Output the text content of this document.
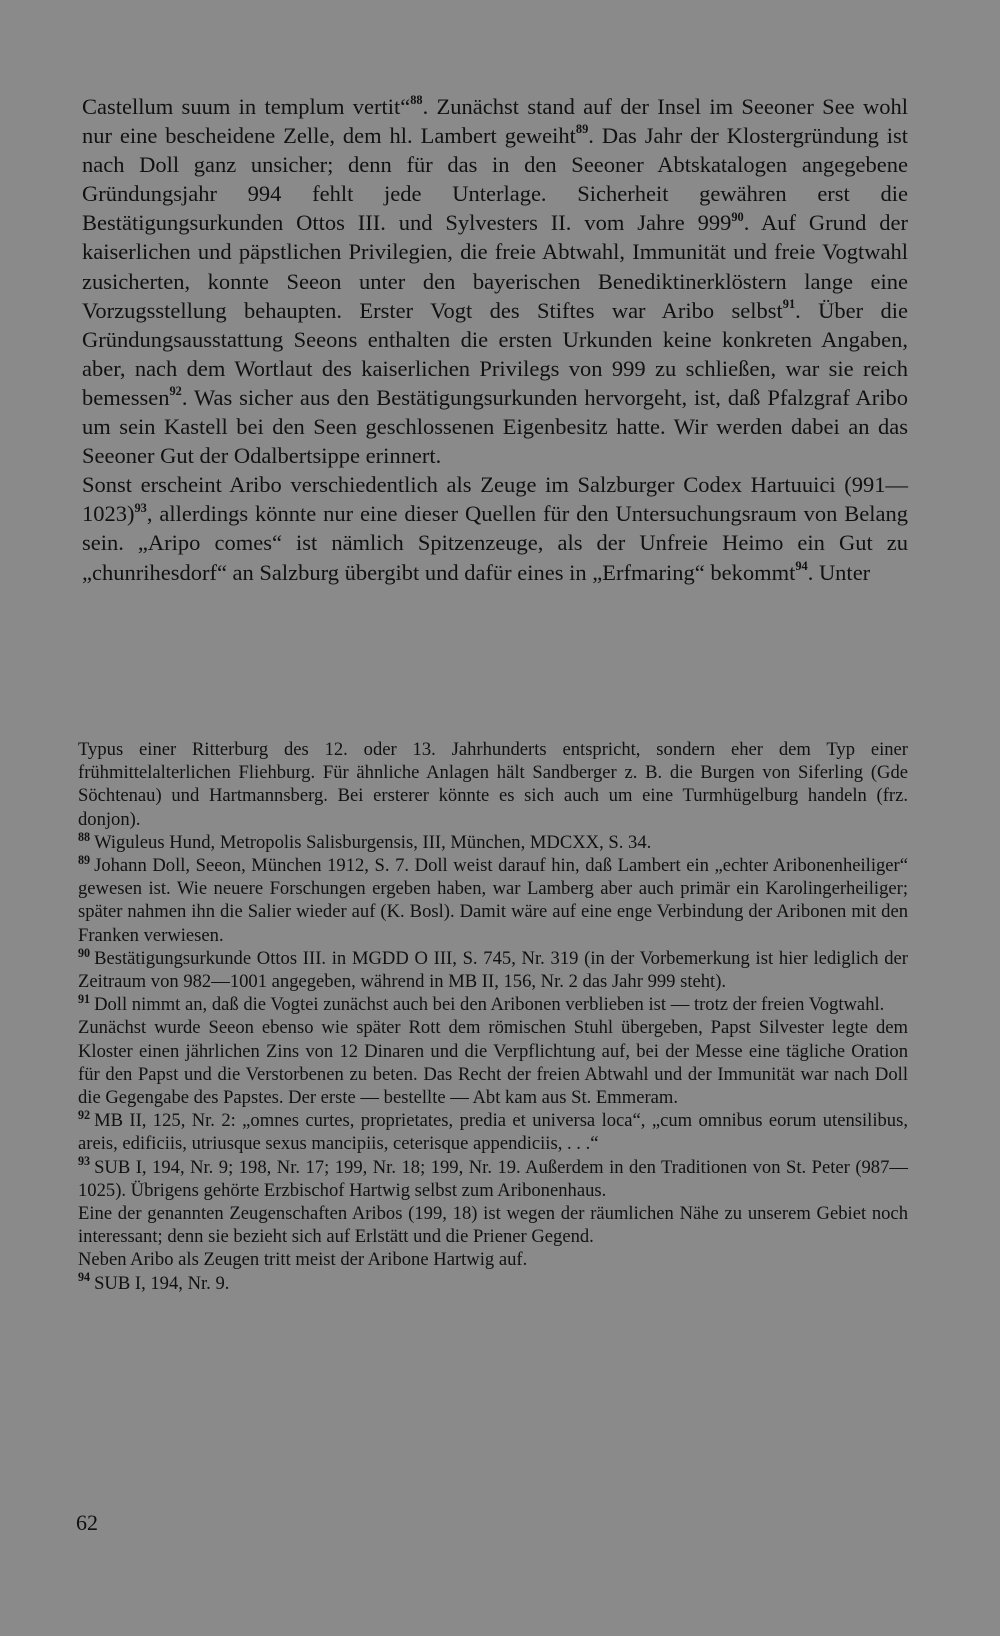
Castellum suum in templum vertit“$^{88}$. Zunächst stand auf der Insel im Seeoner See wohl nur eine bescheidene Zelle, dem hl. Lambert geweiht$^{89}$. Das Jahr der Klostergründung ist nach Doll ganz unsicher; denn für das in den Seeoner Abtskatalogen angegebene Gründungsjahr 994 fehlt jede Unterlage. Sicherheit gewähren erst die Bestätigungsurkunden Ottos III. und Sylvesters II. vom Jahre $999^{90}$. Auf Grund der kaiserlichen und päpstlichen Privilegien, die freie Abtwahl, Immunität und freie Vogtwahl zusicherten, konnte Seeon unter den bayerischen Benediktinerklöstern lange eine Vorzugsstellung behaupten. Erster Vogt des Stiftes war Aribo selbst$^{91}$. Über die Gründungsausstattung Seeons enthalten die ersten Urkunden keine konkreten Angaben, aber, nach dem Wortlaut des kaiserlichen Privilegs von 999 zu schließen, war sie reich bemessen$^{92}$. Was sicher aus den Bestätigungsurkunden hervorgeht, ist, daß Pfalzgraf Aribo um sein Kastell bei den Seen geschlossenen Eigenbesitz hatte. Wir werden dabei an das Seeoner Gut der Odalbertsippe erinnert.

Sonst erscheint Aribo verschiedentlich als Zeuge im Salzburger Codex Hartuuici (991—1023)$^{93}$, allerdings könnte nur eine dieser Quellen für den Untersuchungsraum von Belang sein. „Aripo comes“ ist nämlich Spitzenzeuge, als der Unfreie Heimo ein Gut zu „chunrihesdorf“ an Salzburg übergibt und dafür eines in „Erfmaring“ bekommt$^{94}$. Unter

Typus einer Ritterburg des 12. oder 13. Jahrhunderts entspricht, sondern eher dem Typ einer frühmittelalterlichen Fliehburg. Für ähnliche Anlagen hält Sandberger z. B. die Burgen von Siferling (Gde Söchtenau) und Hartmannsberg. Bei ersterer könnte es sich auch um eine Turmhügelburg handeln (frz. donjon).

$^{88}$ Wiguleus Hund, Metropolis Salisburgensis, III, München, MDCXX, S. 34.

$^{89}$ Johann Doll, Seeon, München 1912, S. 7. Doll weist darauf hin, daß Lambert ein „echter Aribonenheiliger“ gewesen ist. Wie neuere Forschungen ergeben haben, war Lamberg aber auch primär ein Karolingerheiliger; später nahmen ihn die Salier wieder auf (K. Bosl). Damit wäre auf eine enge Verbindung der Aribonen mit den Franken verwiesen.

$^{90}$ Bestätigungsurkunde Ottos III. in MGDD O III, S. 745, Nr. 319 (in der Vorbemerkung ist hier lediglich der Zeitraum von 982—1001 angegeben, während in MB II, 156, Nr. 2 das Jahr 999 steht).

$^{91}$ Doll nimmt an, daß die Vogtei zunächst auch bei den Aribonen verblieben ist — trotz der freien Vogtwahl.

Zunächst wurde Seeon ebenso wie später Rott dem römischen Stuhl übergeben, Papst Silvester legte dem Kloster einen jährlichen Zins von 12 Dinaren und die Verpflichtung auf, bei der Messe eine tägliche Oration für den Papst und die Verstorbenen zu beten. Das Recht der freien Abtwahl und der Immunität war nach Doll die Gegengabe des Papstes. Der erste — bestellte — Abt kam aus St. Emmeram.

$^{92}$ MB II, 125, Nr. 2: „omnes curtes, proprietates, predia et universa loca“, „cum omnibus eorum utensilibus, areis, edificiis, utriusque sexus mancipiis, ceterisque appendiciis, . . .“

$^{93}$ SUB I, 194, Nr. 9; 198, Nr. 17; 199, Nr. 18; 199, Nr. 19. Außerdem in den Traditionen von St. Peter (987—1025). Übrigens gehörte Erzbischof Hartwig selbst zum Aribonenhaus.

Eine der genannten Zeugenschaften Aribos (199, 18) ist wegen der räumlichen Nähe zu unserem Gebiet noch interessant; denn sie bezieht sich auf Erlstätt und die Priener Gegend.

Neben Aribo als Zeugen tritt meist der Aribone Hartwig auf.

$^{94}$ SUB I, 194, Nr. 9.

62
